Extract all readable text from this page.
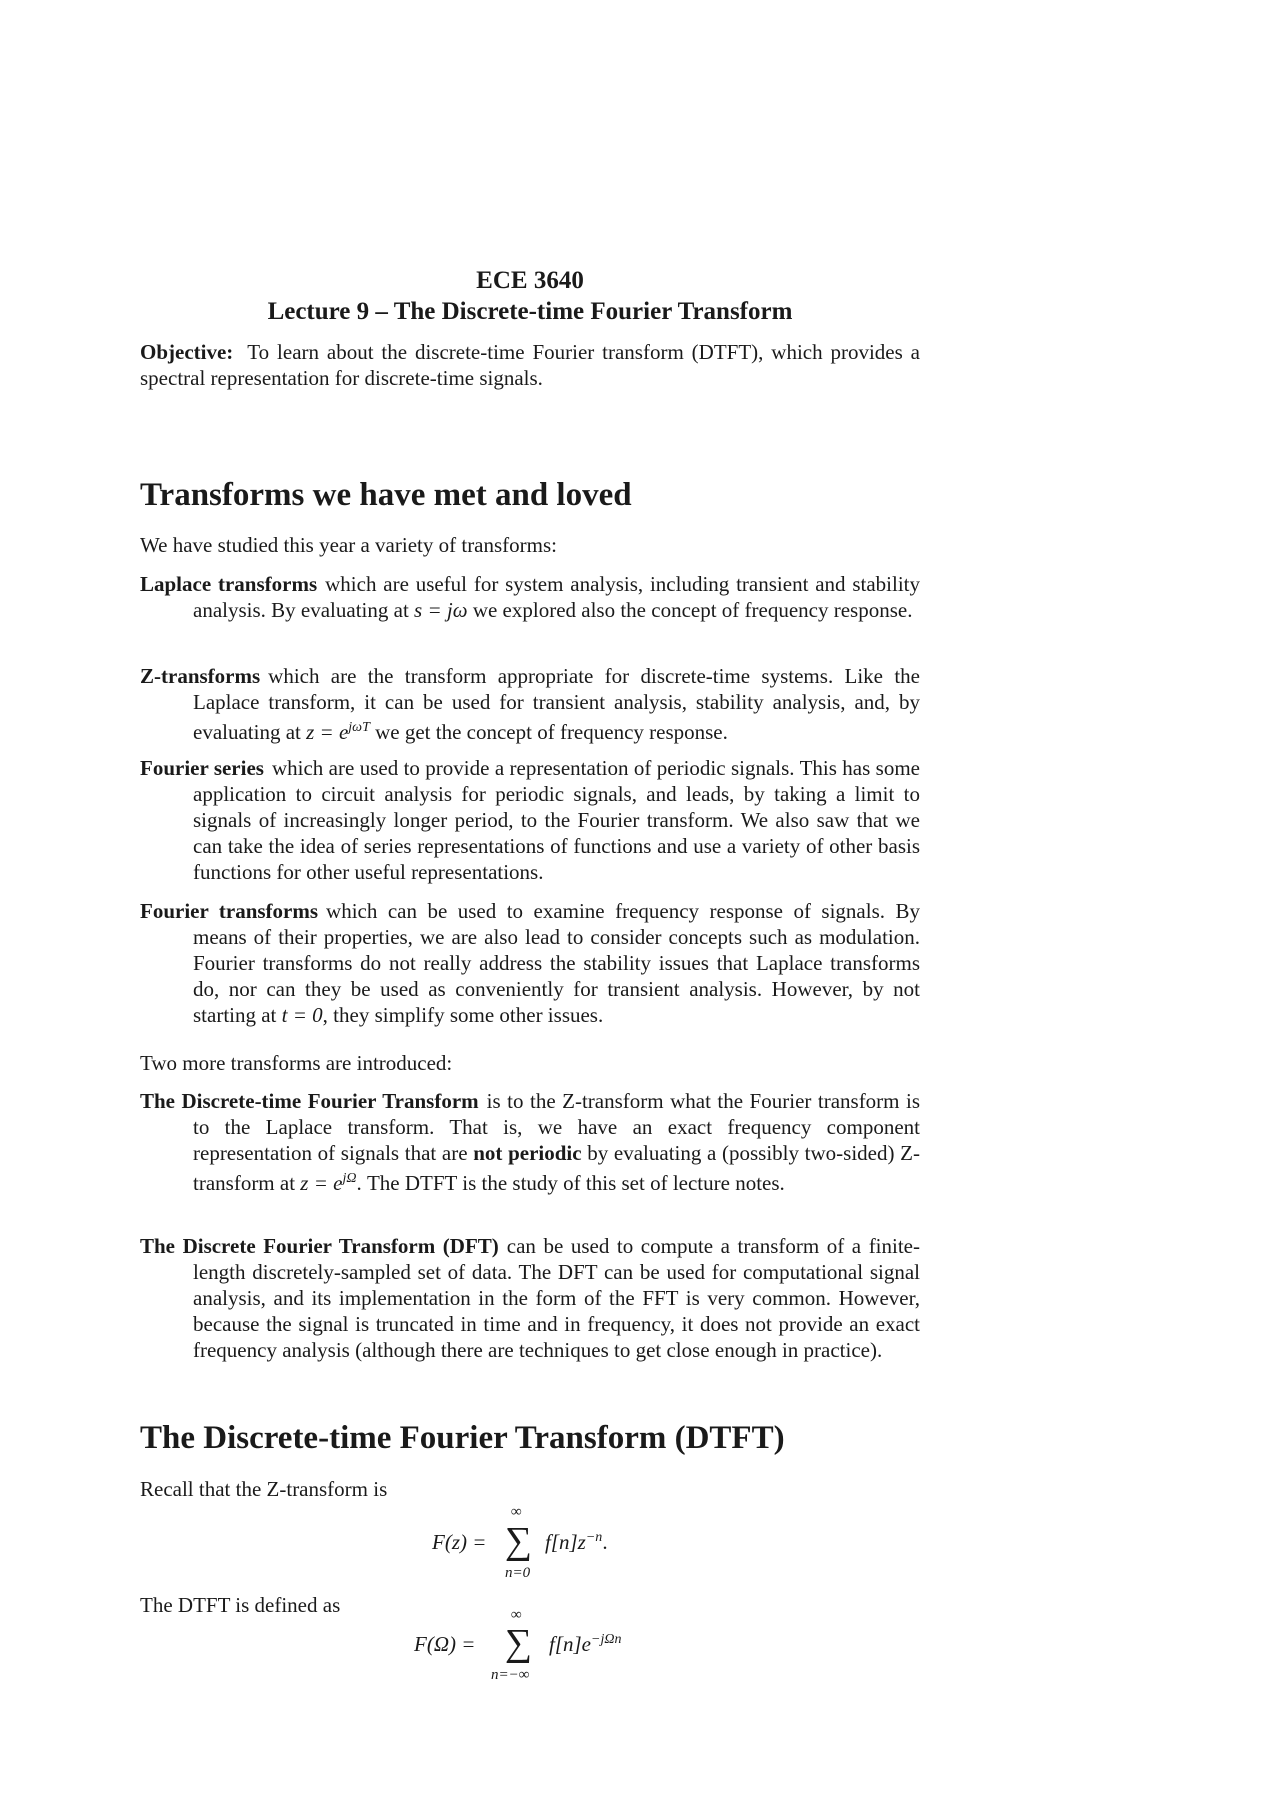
ECE 3640
Lecture 9 – The Discrete-time Fourier Transform
Objective: To learn about the discrete-time Fourier transform (DTFT), which provides a spectral representation for discrete-time signals.
Transforms we have met and loved
We have studied this year a variety of transforms:
Laplace transforms which are useful for system analysis, including transient and stability analysis. By evaluating at s = jω we explored also the concept of frequency response.
Z-transforms which are the transform appropriate for discrete-time systems. Like the Laplace transform, it can be used for transient analysis, stability analysis, and, by evaluating at $z = e^{j\omega T}$ we get the concept of frequency response.
Fourier series which are used to provide a representation of periodic signals. This has some application to circuit analysis for periodic signals, and leads, by taking a limit to signals of increasingly longer period, to the Fourier transform. We also saw that we can take the idea of series representations of functions and use a variety of other basis functions for other useful representations.
Fourier transforms which can be used to examine frequency response of signals. By means of their properties, we are also lead to consider concepts such as modulation. Fourier transforms do not really address the stability issues that Laplace transforms do, nor can they be used as conveniently for transient analysis. However, by not starting at t = 0, they simplify some other issues.
Two more transforms are introduced:
The Discrete-time Fourier Transform is to the Z-transform what the Fourier transform is to the Laplace transform. That is, we have an exact frequency component representation of signals that are not periodic by evaluating a (possibly two-sided) Z-transform at $z = e^{j\Omega}$. The DTFT is the study of this set of lecture notes.
The Discrete Fourier Transform (DFT) can be used to compute a transform of a finite-length discretely-sampled set of data. The DFT can be used for computational signal analysis, and its implementation in the form of the FFT is very common. However, because the signal is truncated in time and in frequency, it does not provide an exact frequency analysis (although there are techniques to get close enough in practice).
The Discrete-time Fourier Transform (DTFT)
Recall that the Z-transform is
F(z) =
∞
∑
n=0
$f[n]z^{-n}$.
The DTFT is defined as
F(Ω) =
∞
∑
n=−∞
$f[n]e^{-j\Omega n}$
